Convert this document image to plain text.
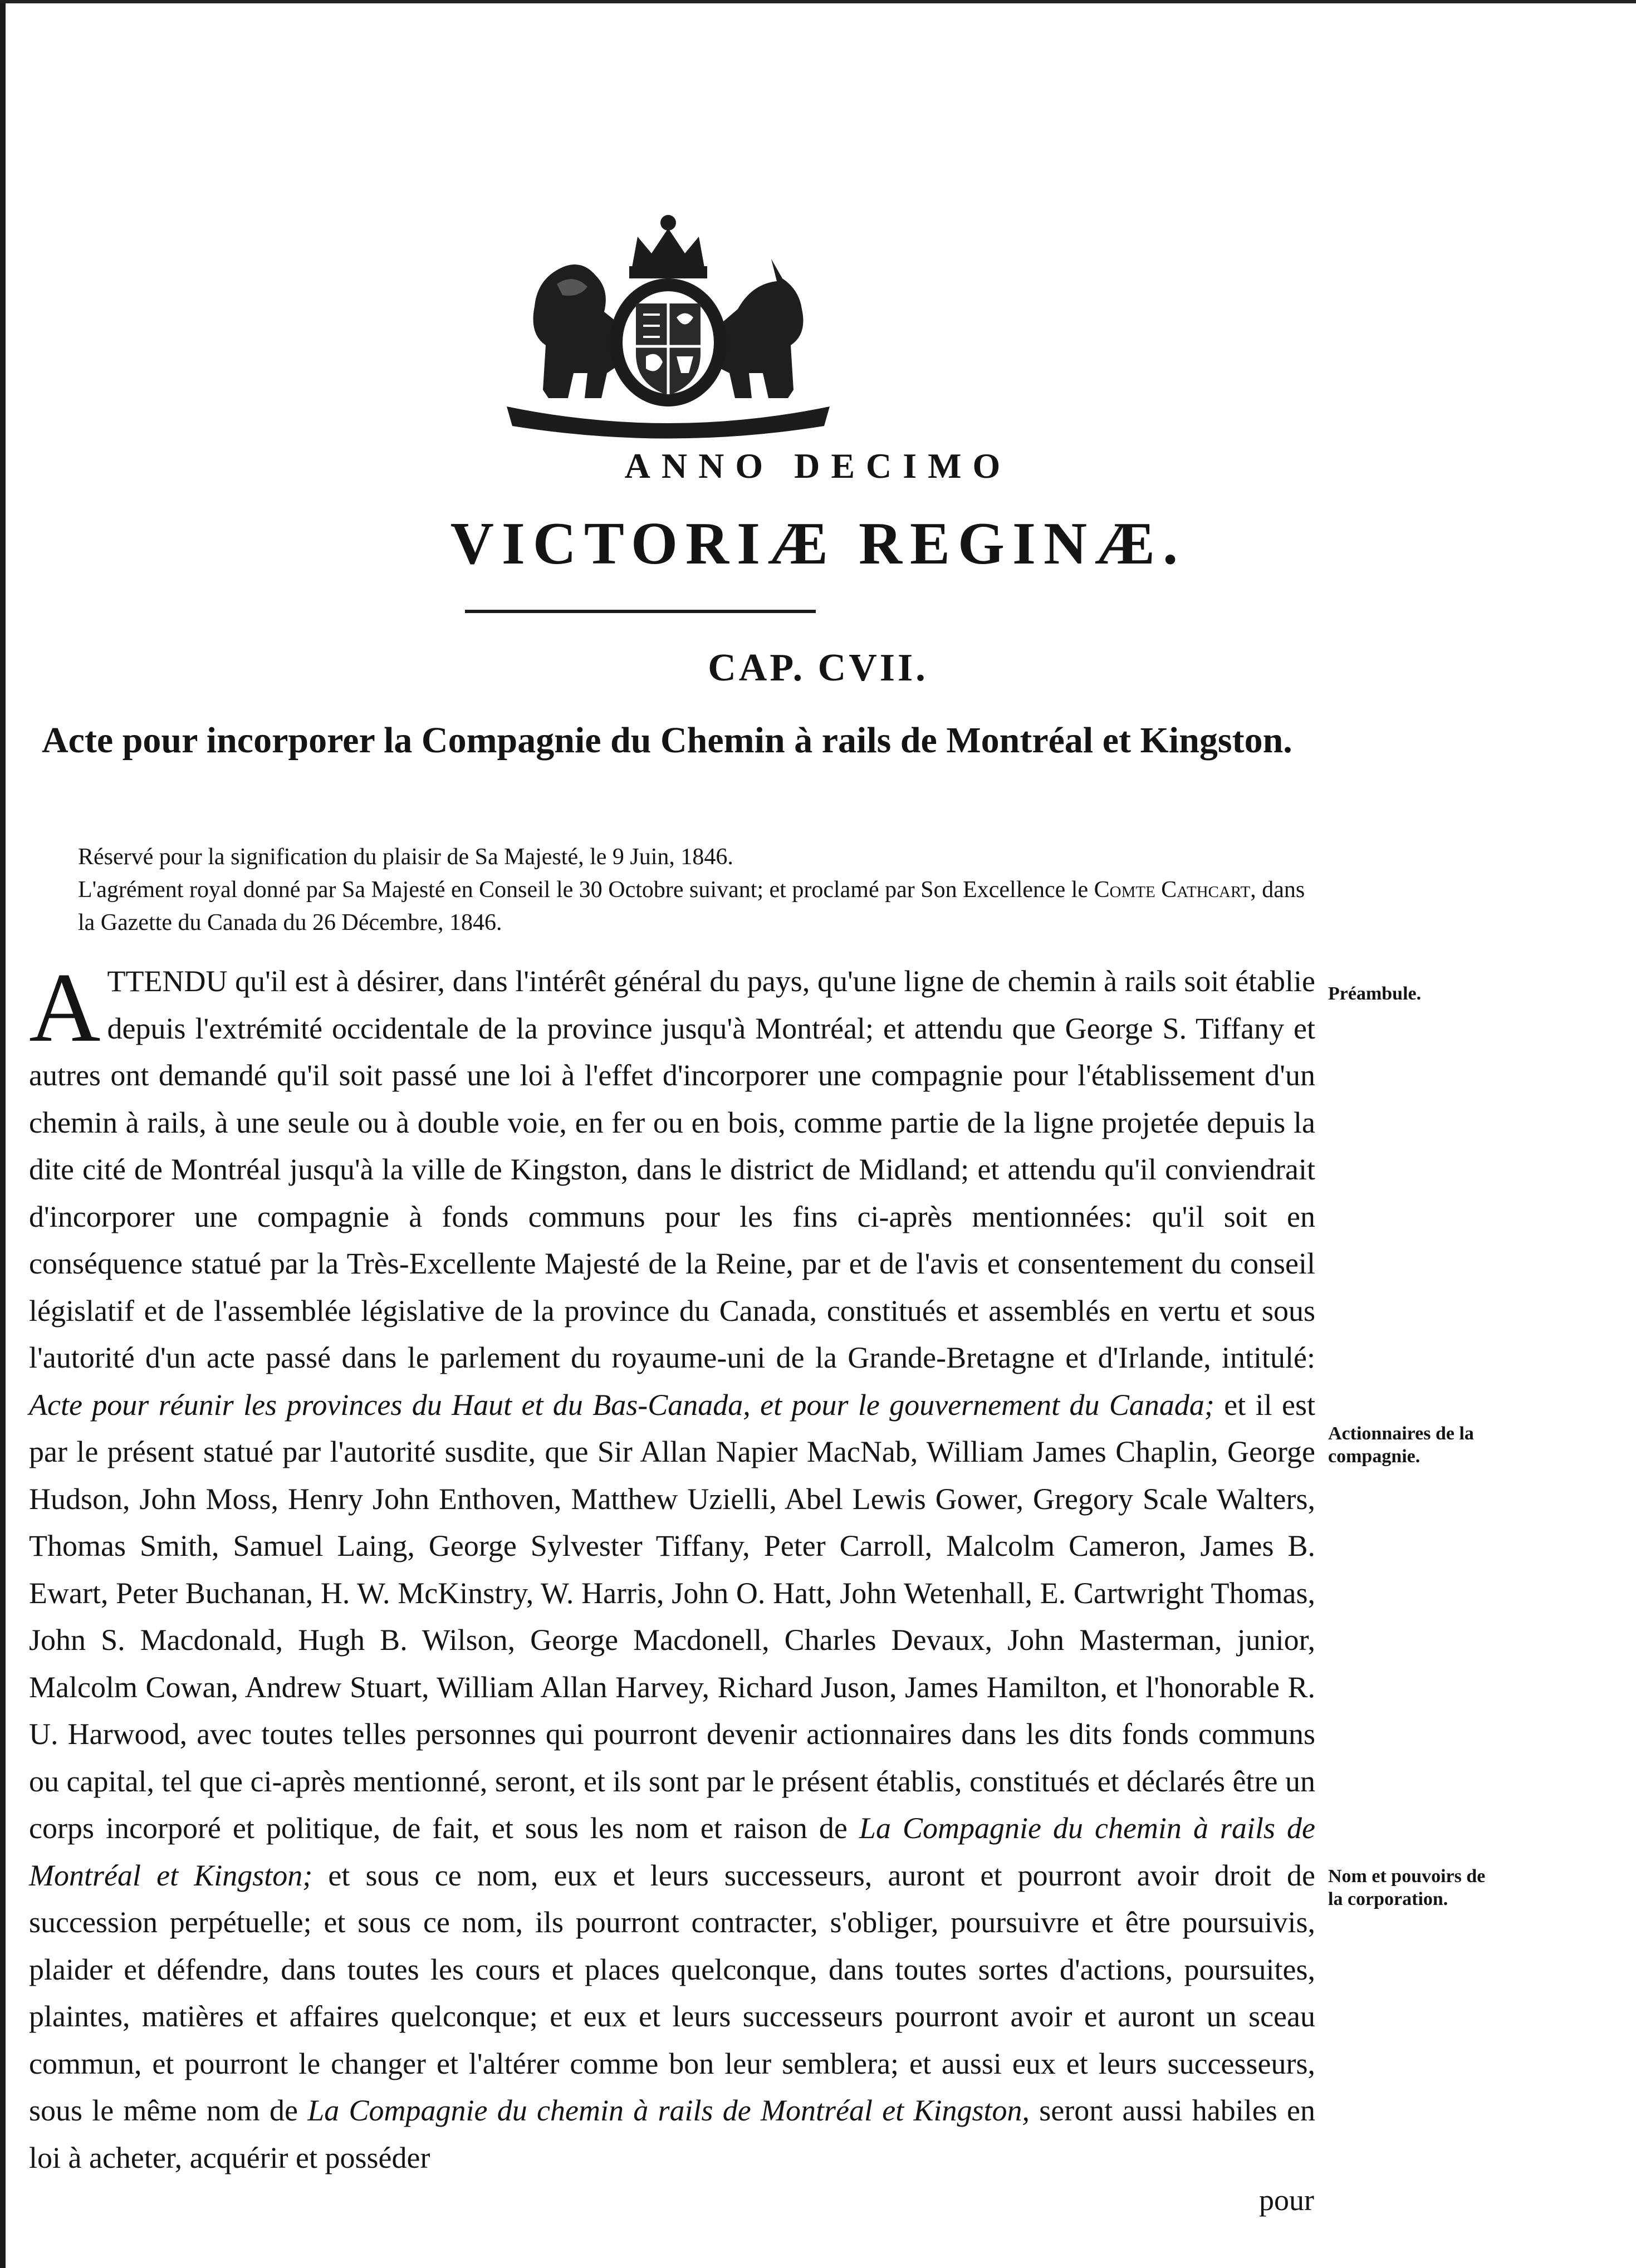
ANNO DECIMO
VICTORIÆ REGINÆ.
CAP. CVII.
Acte pour incorporer la Compagnie du Chemin à rails de Montréal et Kingston.

Réservé pour la signification du plaisir de Sa Majesté, le 9 Juin, 1846.

L'agrément royal donné par Sa Majesté en Conseil le 30 Octobre suivant; et proclamé par Son Excellence le Comte Cathcart, dans la Gazette du Canada du 26 Décembre, 1846.

ATTENDU qu'il est à désirer, dans l'intérêt général du pays, qu'une ligne de chemin à rails soit établie depuis l'extrémité occidentale de la province jusqu'à Montréal; et attendu que George S. Tiffany et autres ont demandé qu'il soit passé une loi à l'effet d'incorporer une compagnie pour l'établissement d'un chemin à rails, à une seule ou à double voie, en fer ou en bois, comme partie de la ligne projetée depuis la dite cité de Montréal jusqu'à la ville de Kingston, dans le district de Midland; et attendu qu'il conviendrait d'incorporer une compagnie à fonds communs pour les fins ci-après mentionnées: qu'il soit en conséquence statué par la Très-Excellente Majesté de la Reine, par et de l'avis et consentement du conseil législatif et de l'assemblée législative de la province du Canada, constitués et assemblés en vertu et sous l'autorité d'un acte passé dans le parlement du royaume-uni de la Grande-Bretagne et d'Irlande, intitulé: Acte pour réunir les provinces du Haut et du Bas-Canada, et pour le gouvernement du Canada; et il est par le présent statué par l'autorité susdite, que Sir Allan Napier MacNab, William James Chaplin, George Hudson, John Moss, Henry John Enthoven, Matthew Uzielli, Abel Lewis Gower, Gregory Scale Walters, Thomas Smith, Samuel Laing, George Sylvester Tiffany, Peter Carroll, Malcolm Cameron, James B. Ewart, Peter Buchanan, H. W. McKinstry, W. Harris, John O. Hatt, John Wetenhall, E. Cartwright Thomas, John S. Macdonald, Hugh B. Wilson, George Macdonell, Charles Devaux, John Masterman, junior, Malcolm Cowan, Andrew Stuart, William Allan Harvey, Richard Juson, James Hamilton, et l'honorable R. U. Harwood, avec toutes telles personnes qui pourront devenir actionnaires dans les dits fonds communs ou capital, tel que ci-après mentionné, seront, et ils sont par le présent établis, constitués et déclarés être un corps incorporé et politique, de fait, et sous les nom et raison de La Compagnie du chemin à rails de Montréal et Kingston; et sous ce nom, eux et leurs successeurs, auront et pourront avoir droit de succession perpétuelle; et sous ce nom, ils pourront contracter, s'obliger, poursuivre et être poursuivis, plaider et défendre, dans toutes les cours et places quelconque, dans toutes sortes d'actions, poursuites, plaintes, matières et affaires quelconque; et eux et leurs successeurs pourront avoir et auront un sceau commun, et pourront le changer et l'altérer comme bon leur semblera; et aussi eux et leurs successeurs, sous le même nom de La Compagnie du chemin à rails de Montréal et Kingston, seront aussi habiles en loi à acheter, acquérir et posséder

Préambule.
Actionnaires de la compagnie.
Nom et pouvoirs de la corporation.
pour
